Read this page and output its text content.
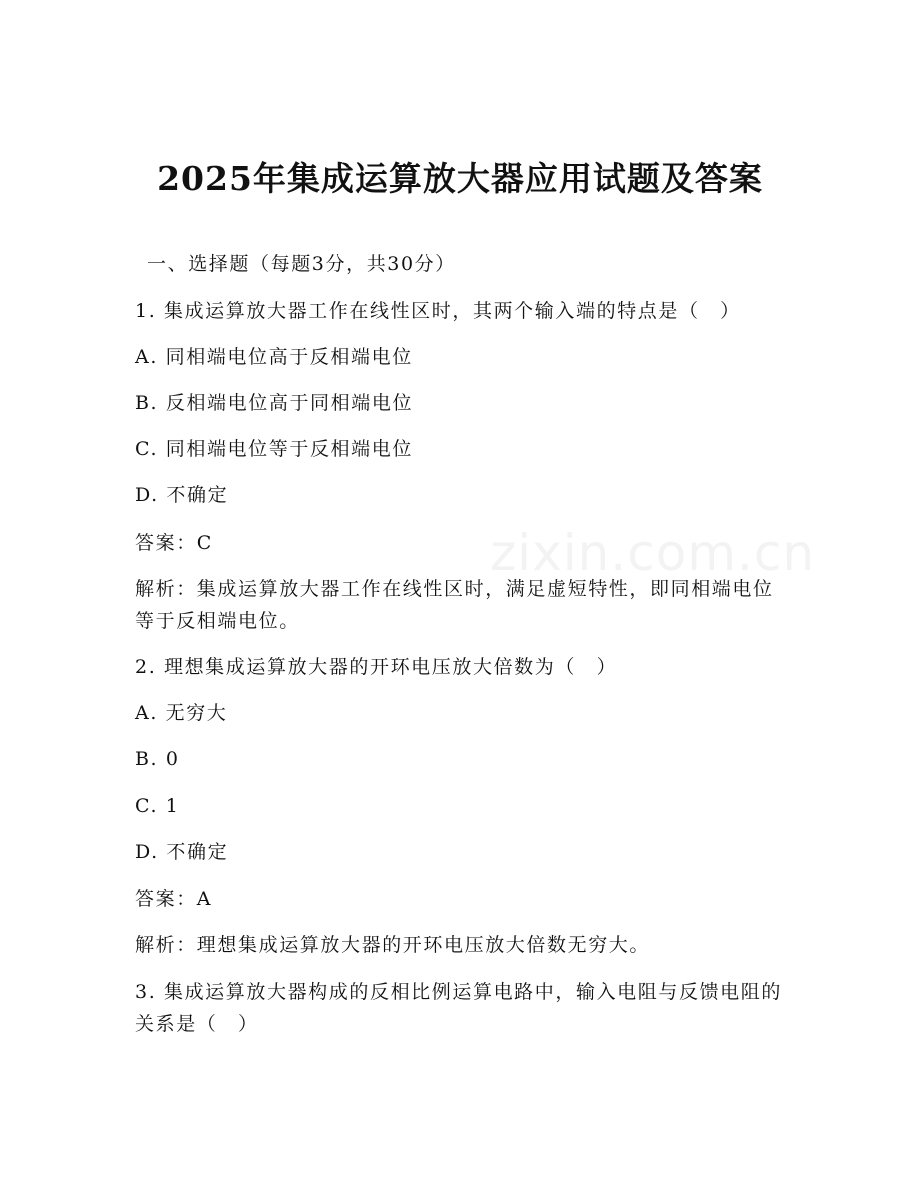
zixin.com.cn
2025年集成运算放大器应用试题及答案
一、选择题（每题3分，共30分）
1. 集成运算放大器工作在线性区时，其两个输入端的特点是（　）
A. 同相端电位高于反相端电位
B. 反相端电位高于同相端电位
C. 同相端电位等于反相端电位
D. 不确定
答案：C
解析：集成运算放大器工作在线性区时，满足虚短特性，即同相端电位等于反相端电位。
2. 理想集成运算放大器的开环电压放大倍数为（　）
A. 无穷大
B. 0
C. 1
D. 不确定
答案：A
解析：理想集成运算放大器的开环电压放大倍数无穷大。
3. 集成运算放大器构成的反相比例运算电路中，输入电阻与反馈电阻的关系是（　）
